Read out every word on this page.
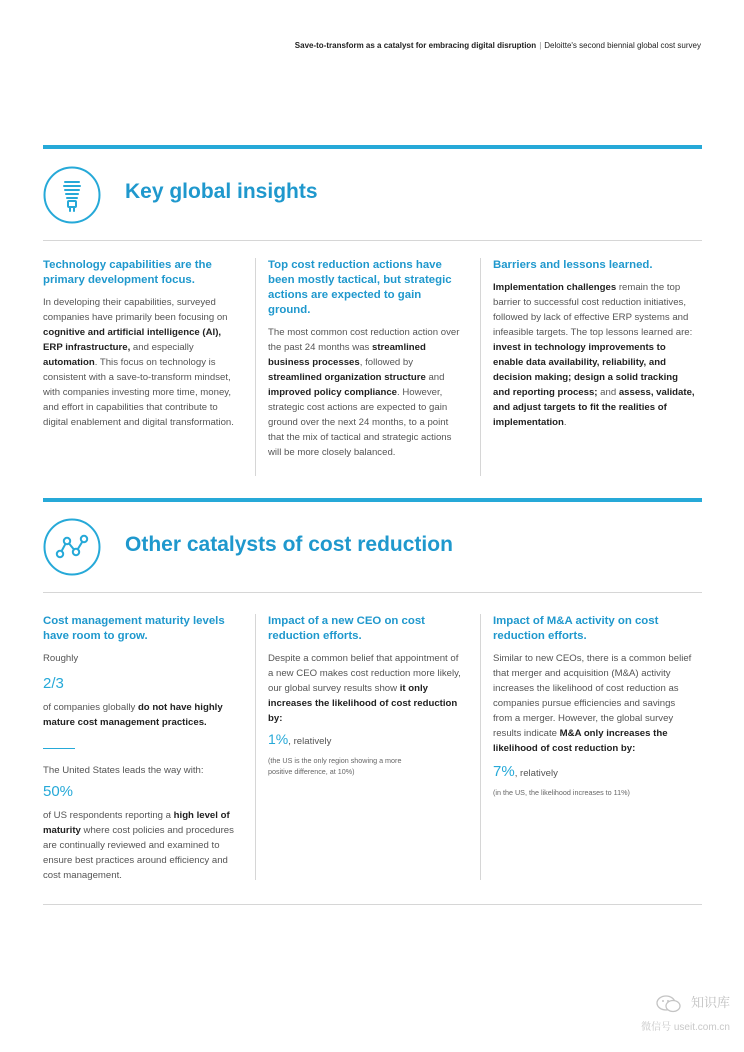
Save-to-transform as a catalyst for embracing digital disruption | Deloitte's second biennial global cost survey
Key global insights
Technology capabilities are the primary development focus.

In developing their capabilities, surveyed companies have primarily been focusing on cognitive and artificial intelligence (AI), ERP infrastructure, and especially automation. This focus on technology is consistent with a save-to-transform mindset, with companies investing more time, money, and effort in capabilities that contribute to digital enablement and digital transformation.

Top cost reduction actions have been mostly tactical, but strategic actions are expected to gain ground.

The most common cost reduction action over the past 24 months was streamlined business processes, followed by streamlined organization structure and improved policy compliance. However, strategic cost actions are expected to gain ground over the next 24 months, to a point that the mix of tactical and strategic actions will be more closely balanced.

Barriers and lessons learned.

Implementation challenges remain the top barrier to successful cost reduction initiatives, followed by lack of effective ERP systems and infeasible targets. The top lessons learned are: invest in technology improvements to enable data availability, reliability, and decision making; design a solid tracking and reporting process; and assess, validate, and adjust targets to fit the realities of implementation.

Other catalysts of cost reduction
Cost management maturity levels have room to grow.

Roughly

2/3

of companies globally do not have highly mature cost management practices.

The United States leads the way with:

50%

of US respondents reporting a high level of maturity where cost policies and procedures are continually reviewed and examined to ensure best practices around efficiency and cost management.

Impact of a new CEO on cost reduction efforts.

Despite a common belief that appointment of a new CEO makes cost reduction more likely, our global survey results show it only increases the likelihood of cost reduction by:

1%, relatively
(the US is the only region showing a more positive difference, at 10%)
Impact of M&A activity on cost reduction efforts.

Similar to new CEOs, there is a common belief that merger and acquisition (M&A) activity increases the likelihood of cost reduction as companies pursue efficiencies and savings from a merger. However, the global survey results indicate M&A only increases the likelihood of cost reduction by:

7%, relatively
(in the US, the likelihood increases to 11%)
知识库
微信号 useit.com.cn
